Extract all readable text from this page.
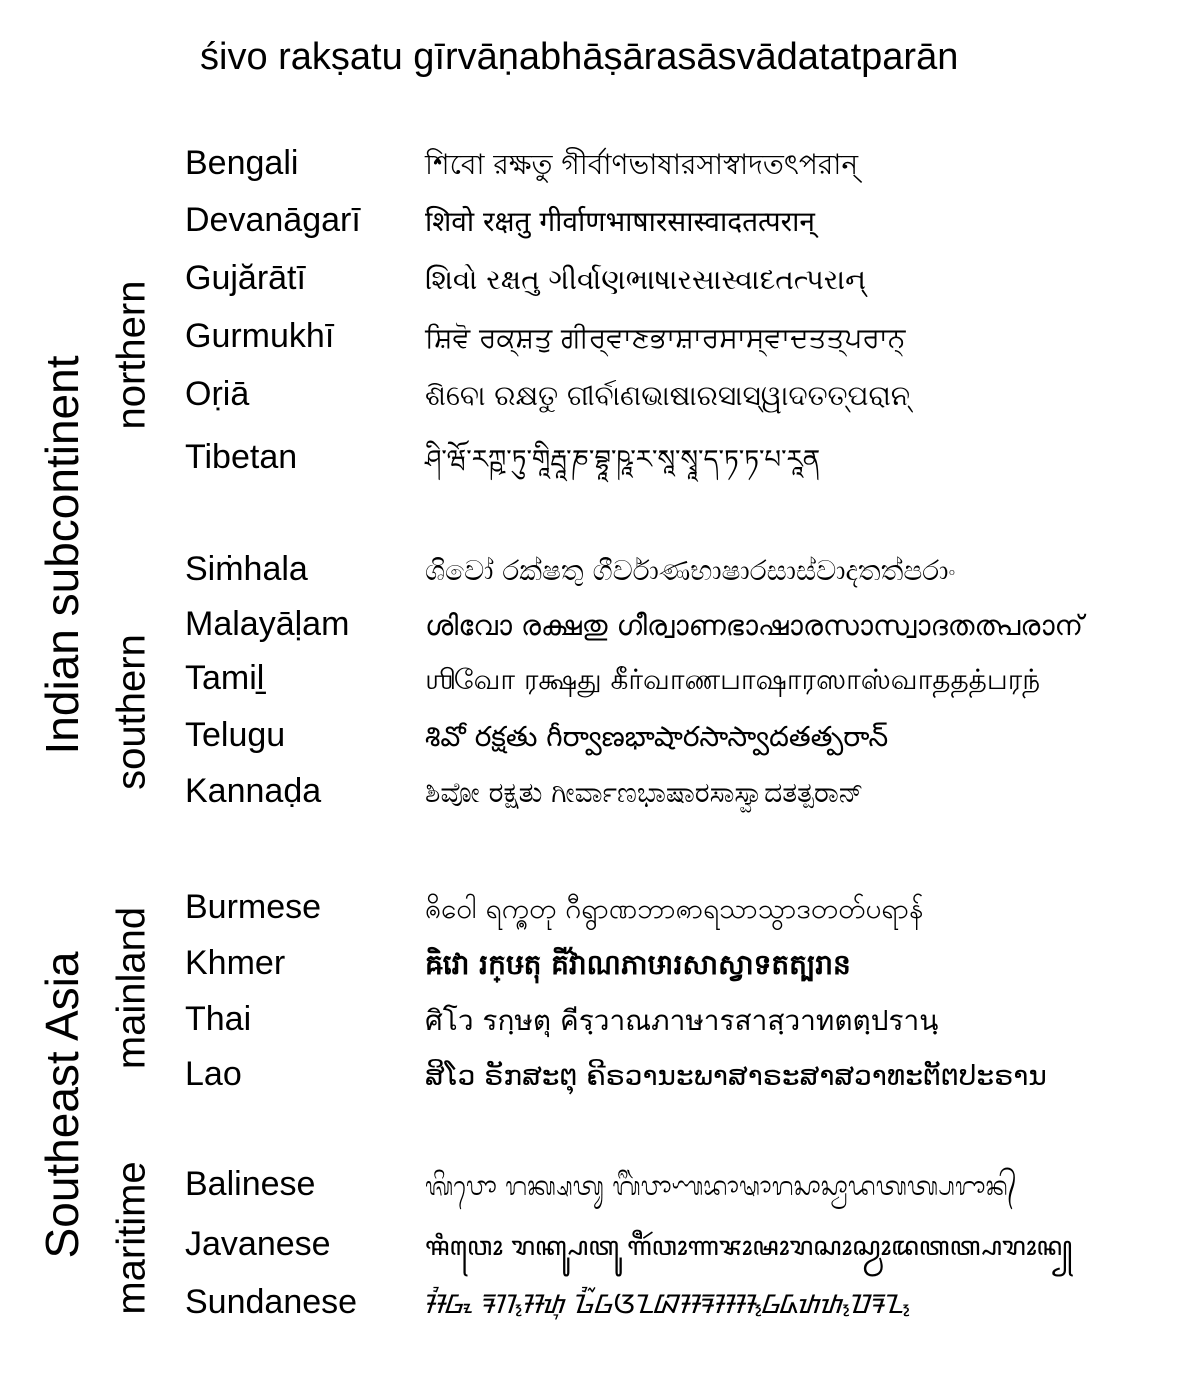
śivo rakṣatu gīrvāṇabhāṣārasāsvādatatparān
Indian subcontinent
northern
southern
Southeast Asia mainland
maritime
Bengali	শিবো রক্ষতু গীর্বাণভাষারসাস্বাদতৎপরান্
Devanāgarī शिवो रक्षतु गीर्वाणभाषारसास्वादतत्परान्
Gujărātī	શિવો રક્ષતુ ગીર્વાણભાષારસાસ્વાદતત્પરાન્
Gurmukhī	ਸ਼ਿਵੋ ਰਕ੍ਸ਼ਤੁ ਗੀਰ੍ਵਾਣਭਾਸ਼ਾਰਸਾਸ੍ਵਾਦਤਤ੍ਪਰਾਨ੍
Oṛiā	ଶିବୋ ରକ୍ଷତୁ ଗୀର୍ବାଣଭାଷାରସାସ୍ୱାଦତତ୍ପରାନ୍
Tibetan	ཤི་ཝོ་རཀྵ་ཏུ་གཱིརྦཱ་ཎ་བྷཱ་ཥཱ་ར་སཱ་སྭཱ་ད་ཏ་ཏ་པ་རཱན
Siṁhala	ශිවෝ රක්ෂතු ගීර්වාණභාෂාරසාස්වාදතත්පරාං
Malayāḷam	ശിവോ രക്ഷതു ഗീര്വാണഭാഷാരസാസ്വാദതത്പരാന്
Tamil̠	ஶிவோ ரக்ஷது கீர்வாணபாஷாரஸாஸ்வாததத்பரந்
Telugu	శివో రక్షతు గీర్వాణభాషారసాస్వాదతత్పరాన్
Kannaḍa	ಶಿವೋ ರಕ್ಷತು ಗೀರ್ವಾಣಭಾಷಾರಸಾಸ್ವಾದತತ್ಪರಾನ್
Burmese	ၐိဝေါ ရက္ၐတု ဂီရွာဏဘာၐာရသာသွာဒတတ်ပရာန်
Khmer	ឝិវោ រក្ឞតុ គីវ៌ាណភាឞារសាស្វាទតត្បរាន
Thai	ศิโว รกฺษตุ คีรฺวาณภาษารสาสฺวาทตตฺปรานฺ
Lao	ສິໂວ ຣັກສະຕຸ ຄີຣວານະພາສາຣະສາສວາທະຕັຕປະຣານ
Balinese	ᬰᬶᬯᭀ ᬭᬓ᭄ᬱᬢᬸ ᬕᬷᬃᬯᬵᬡᬪᬵᬱᬵᬭᬲᬵᬲ᭄ᬯᬵᬤᬢᬢ᭄ᬧᬭᬵᬦ᭄
Javanese	ꦯꦶꦮꦺꦴ ꦫꦏ꧀ꦰꦠꦸ ꦒꦷꦂꦮꦴꦟꦨꦴꦰꦴꦫꦱꦴꦱ꧀ꦮꦴꦢꦠꦠ꧀ꦥꦫꦴꦤ꧀
Sundanese	ᮞᮤᮝᮧ ᮛᮊ᮪ᮞᮒᮥ ᮌᮤᮁᮝᮃᮔᮘᮞᮛᮞᮞ᮪ᮝᮓᮒᮒ᮪ᮕᮛᮔ᮪
